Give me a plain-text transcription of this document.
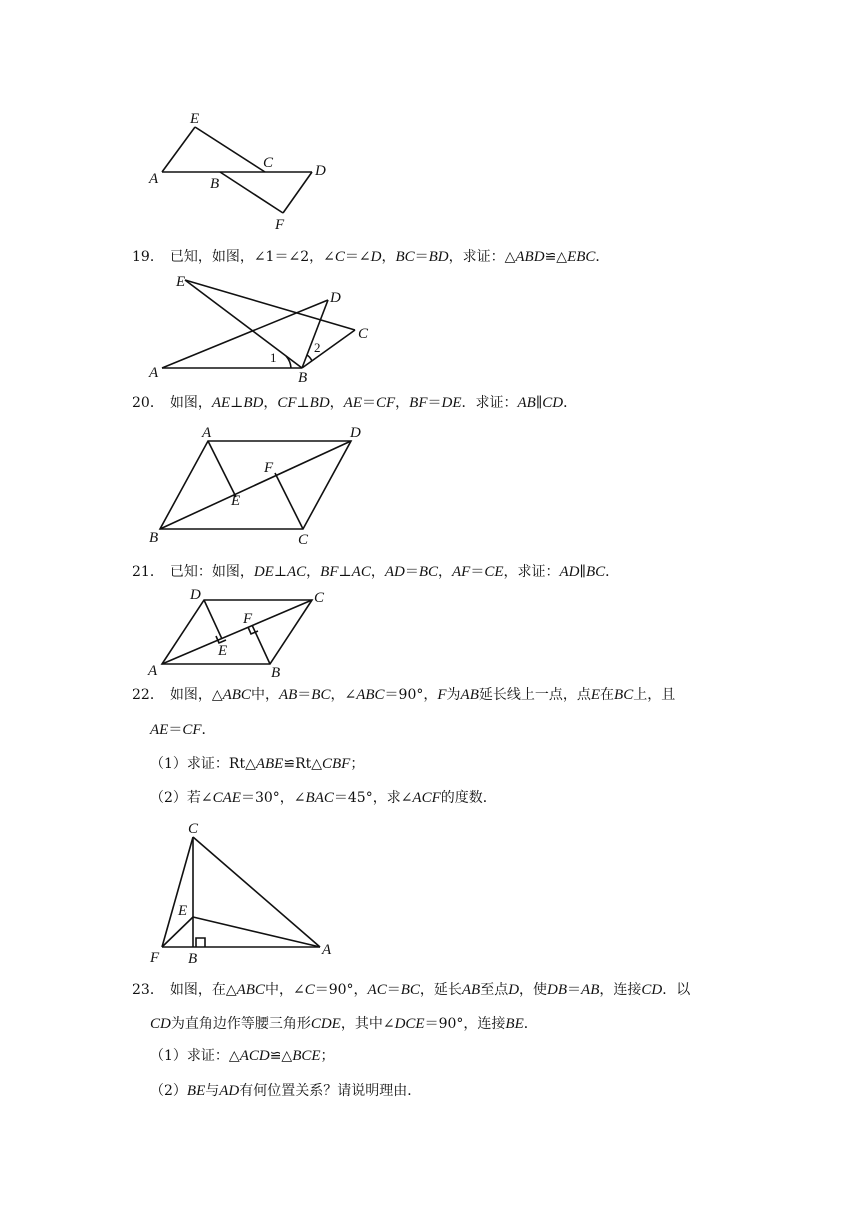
E
A	B
C	D
F
19． 已知，如图，∠1＝∠2，∠C＝∠D，BC＝BD，求证：△ABD≌△EBC．
E
D
C
A	B
1
2
20． 如图，AE⊥BD，CF⊥BD，AE＝CF，BF＝DE．求证：AB∥CD．
A	D
F
E
B	C
21． 已知：如图，DE⊥AC，BF⊥AC，AD＝BC，AF＝CE，求证：AD∥BC．
D	C
F
E
A	B
22． 如图，△ABC中，AB＝BC，∠ABC＝90°，F为AB延长线上一点，点E在BC上，且
AE＝CF．
（1）求证：Rt△ABE≌Rt△CBF；
（2）若∠CAE＝30°，∠BAC＝45°，求∠ACF的度数．
C
E
F B
A
23． 如图，在△ABC中，∠C＝90°，AC＝BC，延长AB至点D，使DB＝AB，连接CD．以
CD为直角边作等腰三角形CDE，其中∠DCE＝90°，连接BE．
（1）求证：△ACD≌△BCE；
（2）BE与AD有何位置关系？请说明理由．
